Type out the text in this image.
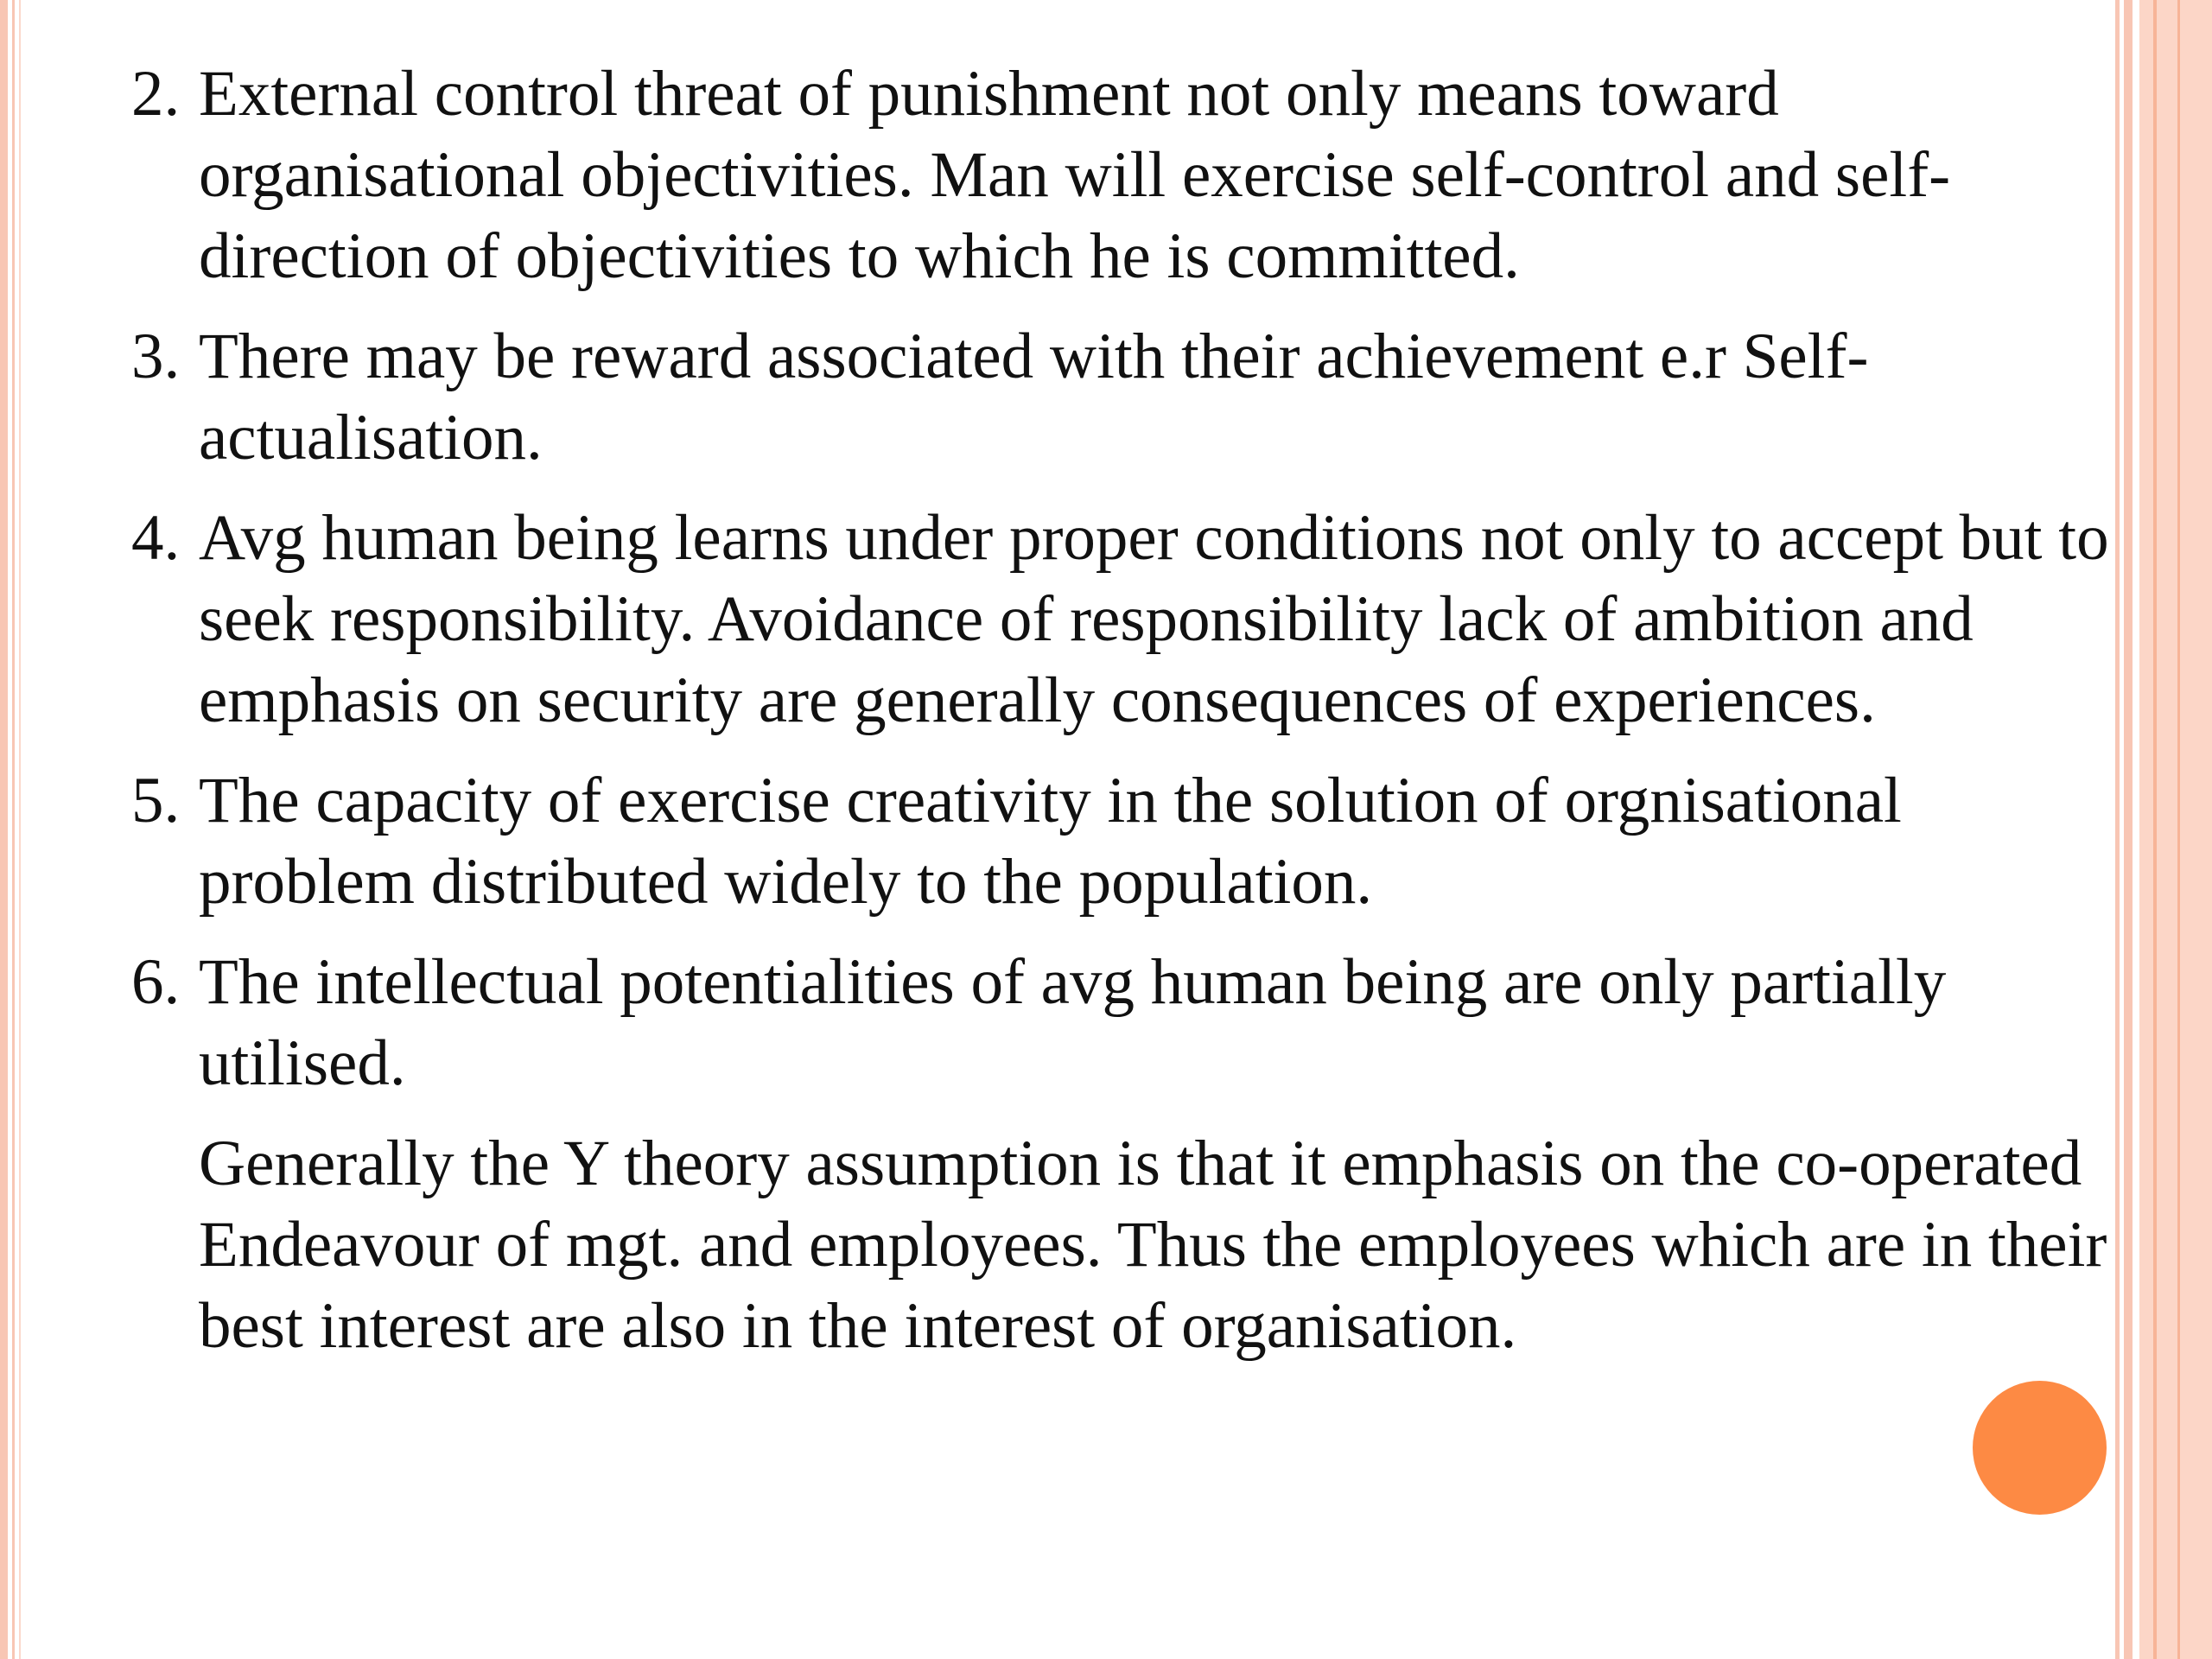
2. External control threat of punishment not only means toward organisational objectivities. Man will exercise self-control and self-direction of objectivities to which he is committed.
3. There may be reward associated with their achievement e.r Self-actualisation.
4. Avg human being learns under proper conditions not only to accept but to seek responsibility. Avoidance of responsibility lack of ambition and emphasis on security are generally consequences of experiences.
5. The capacity of exercise creativity in the solution of orgnisational problem distributed widely to the population.
6. The intellectual potentialities of avg human being are only partially utilised.
Generally the Y theory assumption is that it emphasis on the co-operated Endeavour of mgt. and employees. Thus the employees which are in their best interest are also in the interest of organisation.
